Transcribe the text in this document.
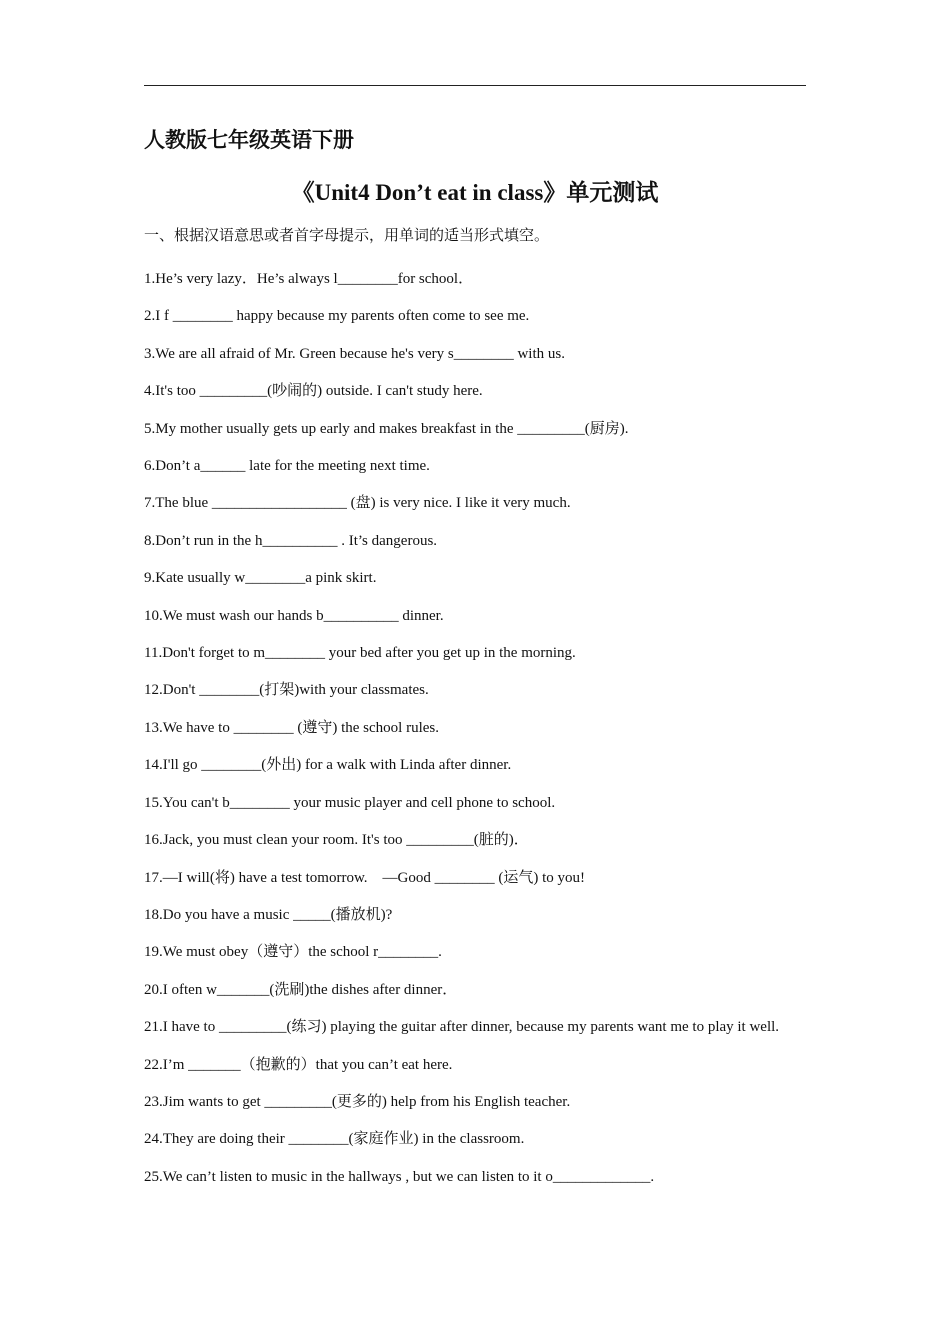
人教版七年级英语下册
《Unit4 Don’t eat in class》单元测试

一、根据汉语意思或者首字母提示，用单词的适当形式填空。

1.He’s very lazy．He’s always l________for school．
2.I f ________ happy because my parents often come to see me.
3.We are all afraid of Mr. Green because he's very s________ with us.
4.It's too _________(吵闹的) outside. I can't study here.
5.My mother usually gets up early and makes breakfast in the _________(厨房).
6.Don’t a______ late for the meeting next time.
7.The blue __________________ (盘) is very nice. I like it very much.
8.Don’t run in the h__________ . It’s dangerous.
9.Kate usually w________a pink skirt.
10.We must wash our hands b__________ dinner.
11.Don't forget to m________ your bed after you get up in the morning.
12.Don't ________(打架)with your classmates.
13.We have to ________ (遵守) the school rules.
14.I'll go ________(外出) for a walk with Linda after dinner.
15.You can't b________ your music player and cell phone to school.
16.Jack, you must clean your room. It's too _________(脏的)．
17.—I will(将) have a test tomorrow.    —Good ________ (运气) to you!
18.Do you have a music _____(播放机)?
19.We must obey（遵守）the school r________.
20.I often w_______(洗刷)the dishes after dinner．
21.I have to _________(练习) playing the guitar after dinner, because my parents want me to play it well.
22.I’m _______（抱歉的）that you can’t eat here.
23.Jim wants to get _________(更多的) help from his English teacher.
24.They are doing their ________(家庭作业) in the classroom.
25.We can’t listen to music in the hallways , but we can listen to it o_____________.
